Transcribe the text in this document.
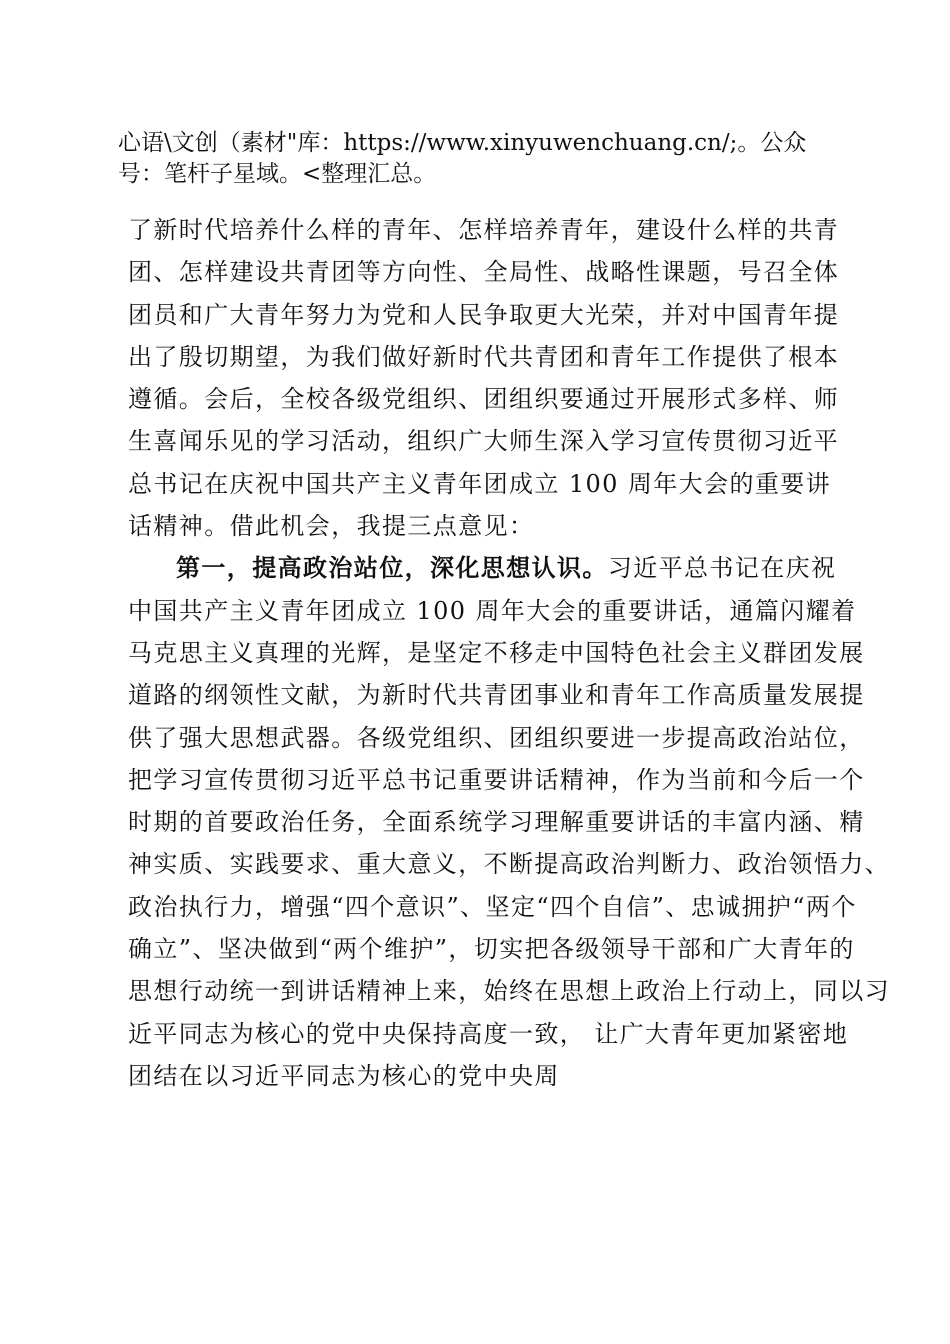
心语\文创（素材"库：https://www.xinyuwenchuang.cn/;。公众
号：笔杆子星域。<整理汇总。
了新时代培养什么样的青年、怎样培养青年，建设什么样的共青
团、怎样建设共青团等方向性、全局性、战略性课题，号召全体
团员和广大青年努力为党和人民争取更大光荣，并对中国青年提
出了殷切期望，为我们做好新时代共青团和青年工作提供了根本
遵循。会后，全校各级党组织、团组织要通过开展形式多样、师
生喜闻乐见的学习活动，组织广大师生深入学习宣传贯彻习近平
总书记在庆祝中国共产主义青年团成立 100 周年大会的重要讲
话精神。借此机会，我提三点意见：
第一，提高政治站位，深化思想认识。习近平总书记在庆祝
中国共产主义青年团成立 100 周年大会的重要讲话，通篇闪耀着
马克思主义真理的光辉，是坚定不移走中国特色社会主义群团发展
道路的纲领性文献，为新时代共青团事业和青年工作高质量发展提
供了强大思想武器。各级党组织、团组织要进一步提高政治站位，
把学习宣传贯彻习近平总书记重要讲话精神，作为当前和今后一个
时期的首要政治任务，全面系统学习理解重要讲话的丰富内涵、精
神实质、实践要求、重大意义，不断提高政治判断力、政治领悟力、
政治执行力，增强“四个意识”、坚定“四个自信”、忠诚拥护“两个
确立”、坚决做到“两个维护”，切实把各级领导干部和广大青年的
思想行动统一到讲话精神上来，始终在思想上政治上行动上，同以习
近平同志为核心的党中央保持高度一致， 让广大青年更加紧密地
团结在以习近平同志为核心的党中央周
